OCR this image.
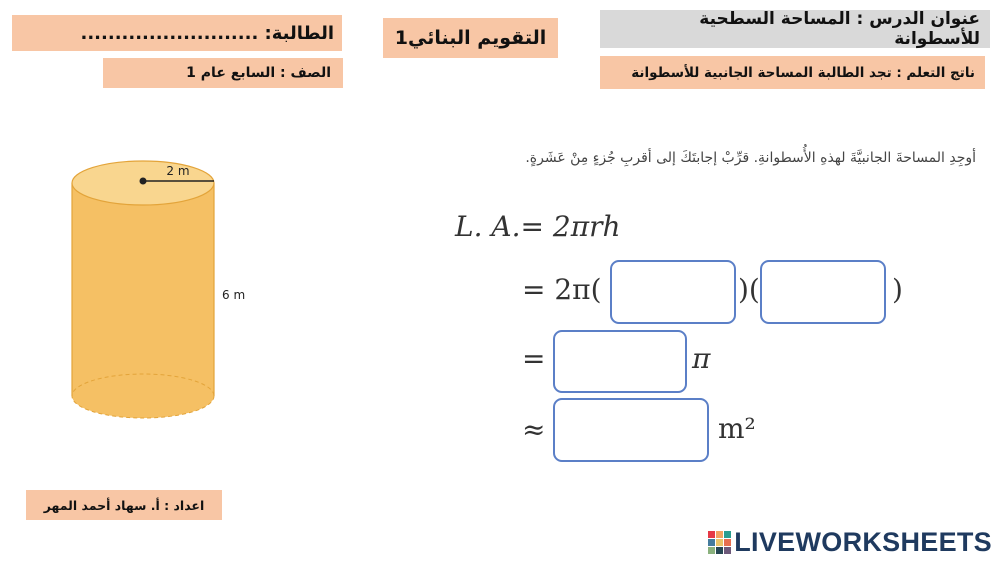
الطالبة: ..........................
الصف : السابع عام 1
التقويم البنائي1
عنوان الدرس : المساحة السطحية للأسطوانة
ناتج التعلم : تجد الطالبة المساحة الجانبية للأسطوانة
2 m
6 m
أوجِدِ المساحةَ الجانبيَّةَ لهذهِ الأُسطوانةِ. قرِّبْ إجابتَكَ إلى أقربِ جُزءٍ مِنْ عَشَرةٍ.
L. A.= 2πrh
= 2π(	)(	)
=	π
≈	m²
اعداد : أ. سهاد أحمد المهر
LIVEWORKSHEETS
